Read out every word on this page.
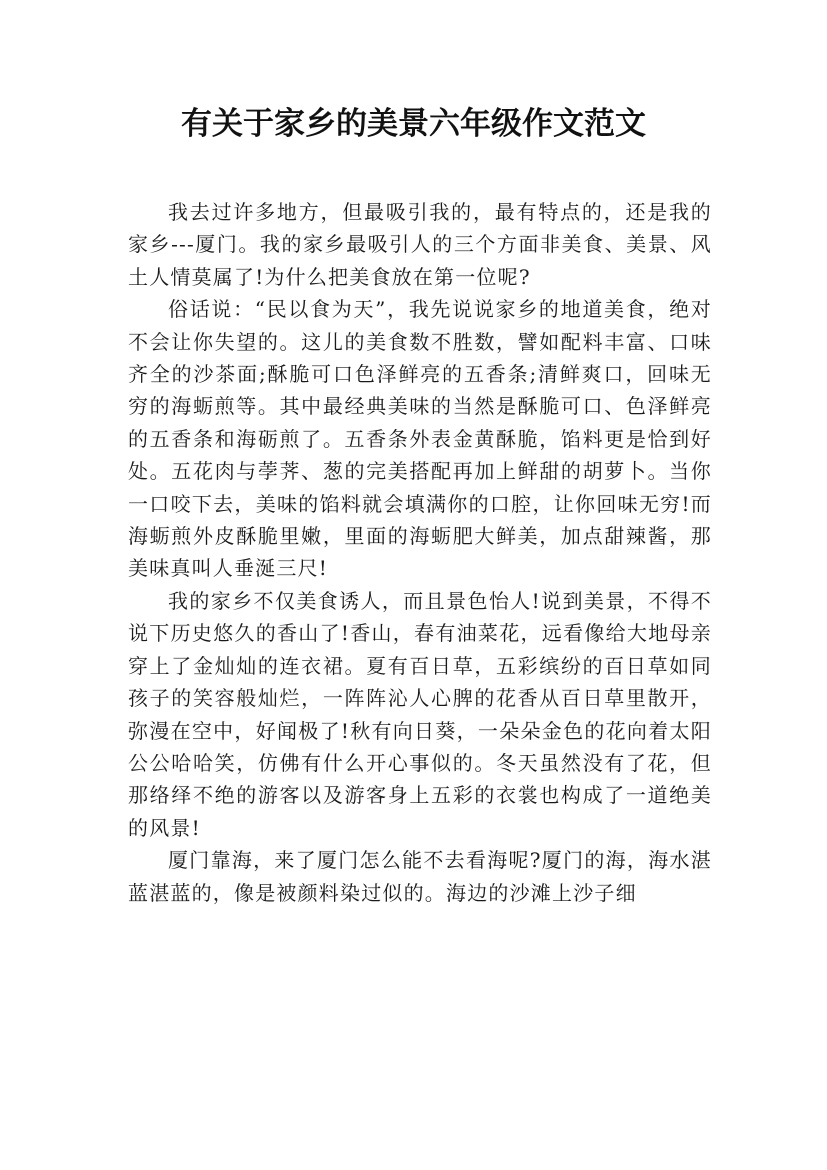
有关于家乡的美景六年级作文范文

我去过许多地方，但最吸引我的，最有特点的，还是我的家乡---厦门。我的家乡最吸引人的三个方面非美食、美景、风土人情莫属了!为什么把美食放在第一位呢?

俗话说：“民以食为天”，我先说说家乡的地道美食，绝对不会让你失望的。这儿的美食数不胜数，譬如配料丰富、口味齐全的沙茶面;酥脆可口色泽鲜亮的五香条;清鲜爽口，回味无穷的海蛎煎等。其中最经典美味的当然是酥脆可口、色泽鲜亮的五香条和海砺煎了。五香条外表金黄酥脆，馅料更是恰到好处。五花肉与荸荠、葱的完美搭配再加上鲜甜的胡萝卜。当你一口咬下去，美味的馅料就会填满你的口腔，让你回味无穷!而海蛎煎外皮酥脆里嫩，里面的海蛎肥大鲜美，加点甜辣酱，那美味真叫人垂涎三尺!

我的家乡不仅美食诱人，而且景色怡人!说到美景，不得不说下历史悠久的香山了!香山，春有油菜花，远看像给大地母亲穿上了金灿灿的连衣裙。夏有百日草，五彩缤纷的百日草如同孩子的笑容般灿烂，一阵阵沁人心脾的花香从百日草里散开，弥漫在空中，好闻极了!秋有向日葵，一朵朵金色的花向着太阳公公哈哈笑，仿佛有什么开心事似的。冬天虽然没有了花，但那络绎不绝的游客以及游客身上五彩的衣裳也构成了一道绝美的风景!

厦门靠海，来了厦门怎么能不去看海呢?厦门的海，海水湛蓝湛蓝的，像是被颜料染过似的。海边的沙滩上沙子细
